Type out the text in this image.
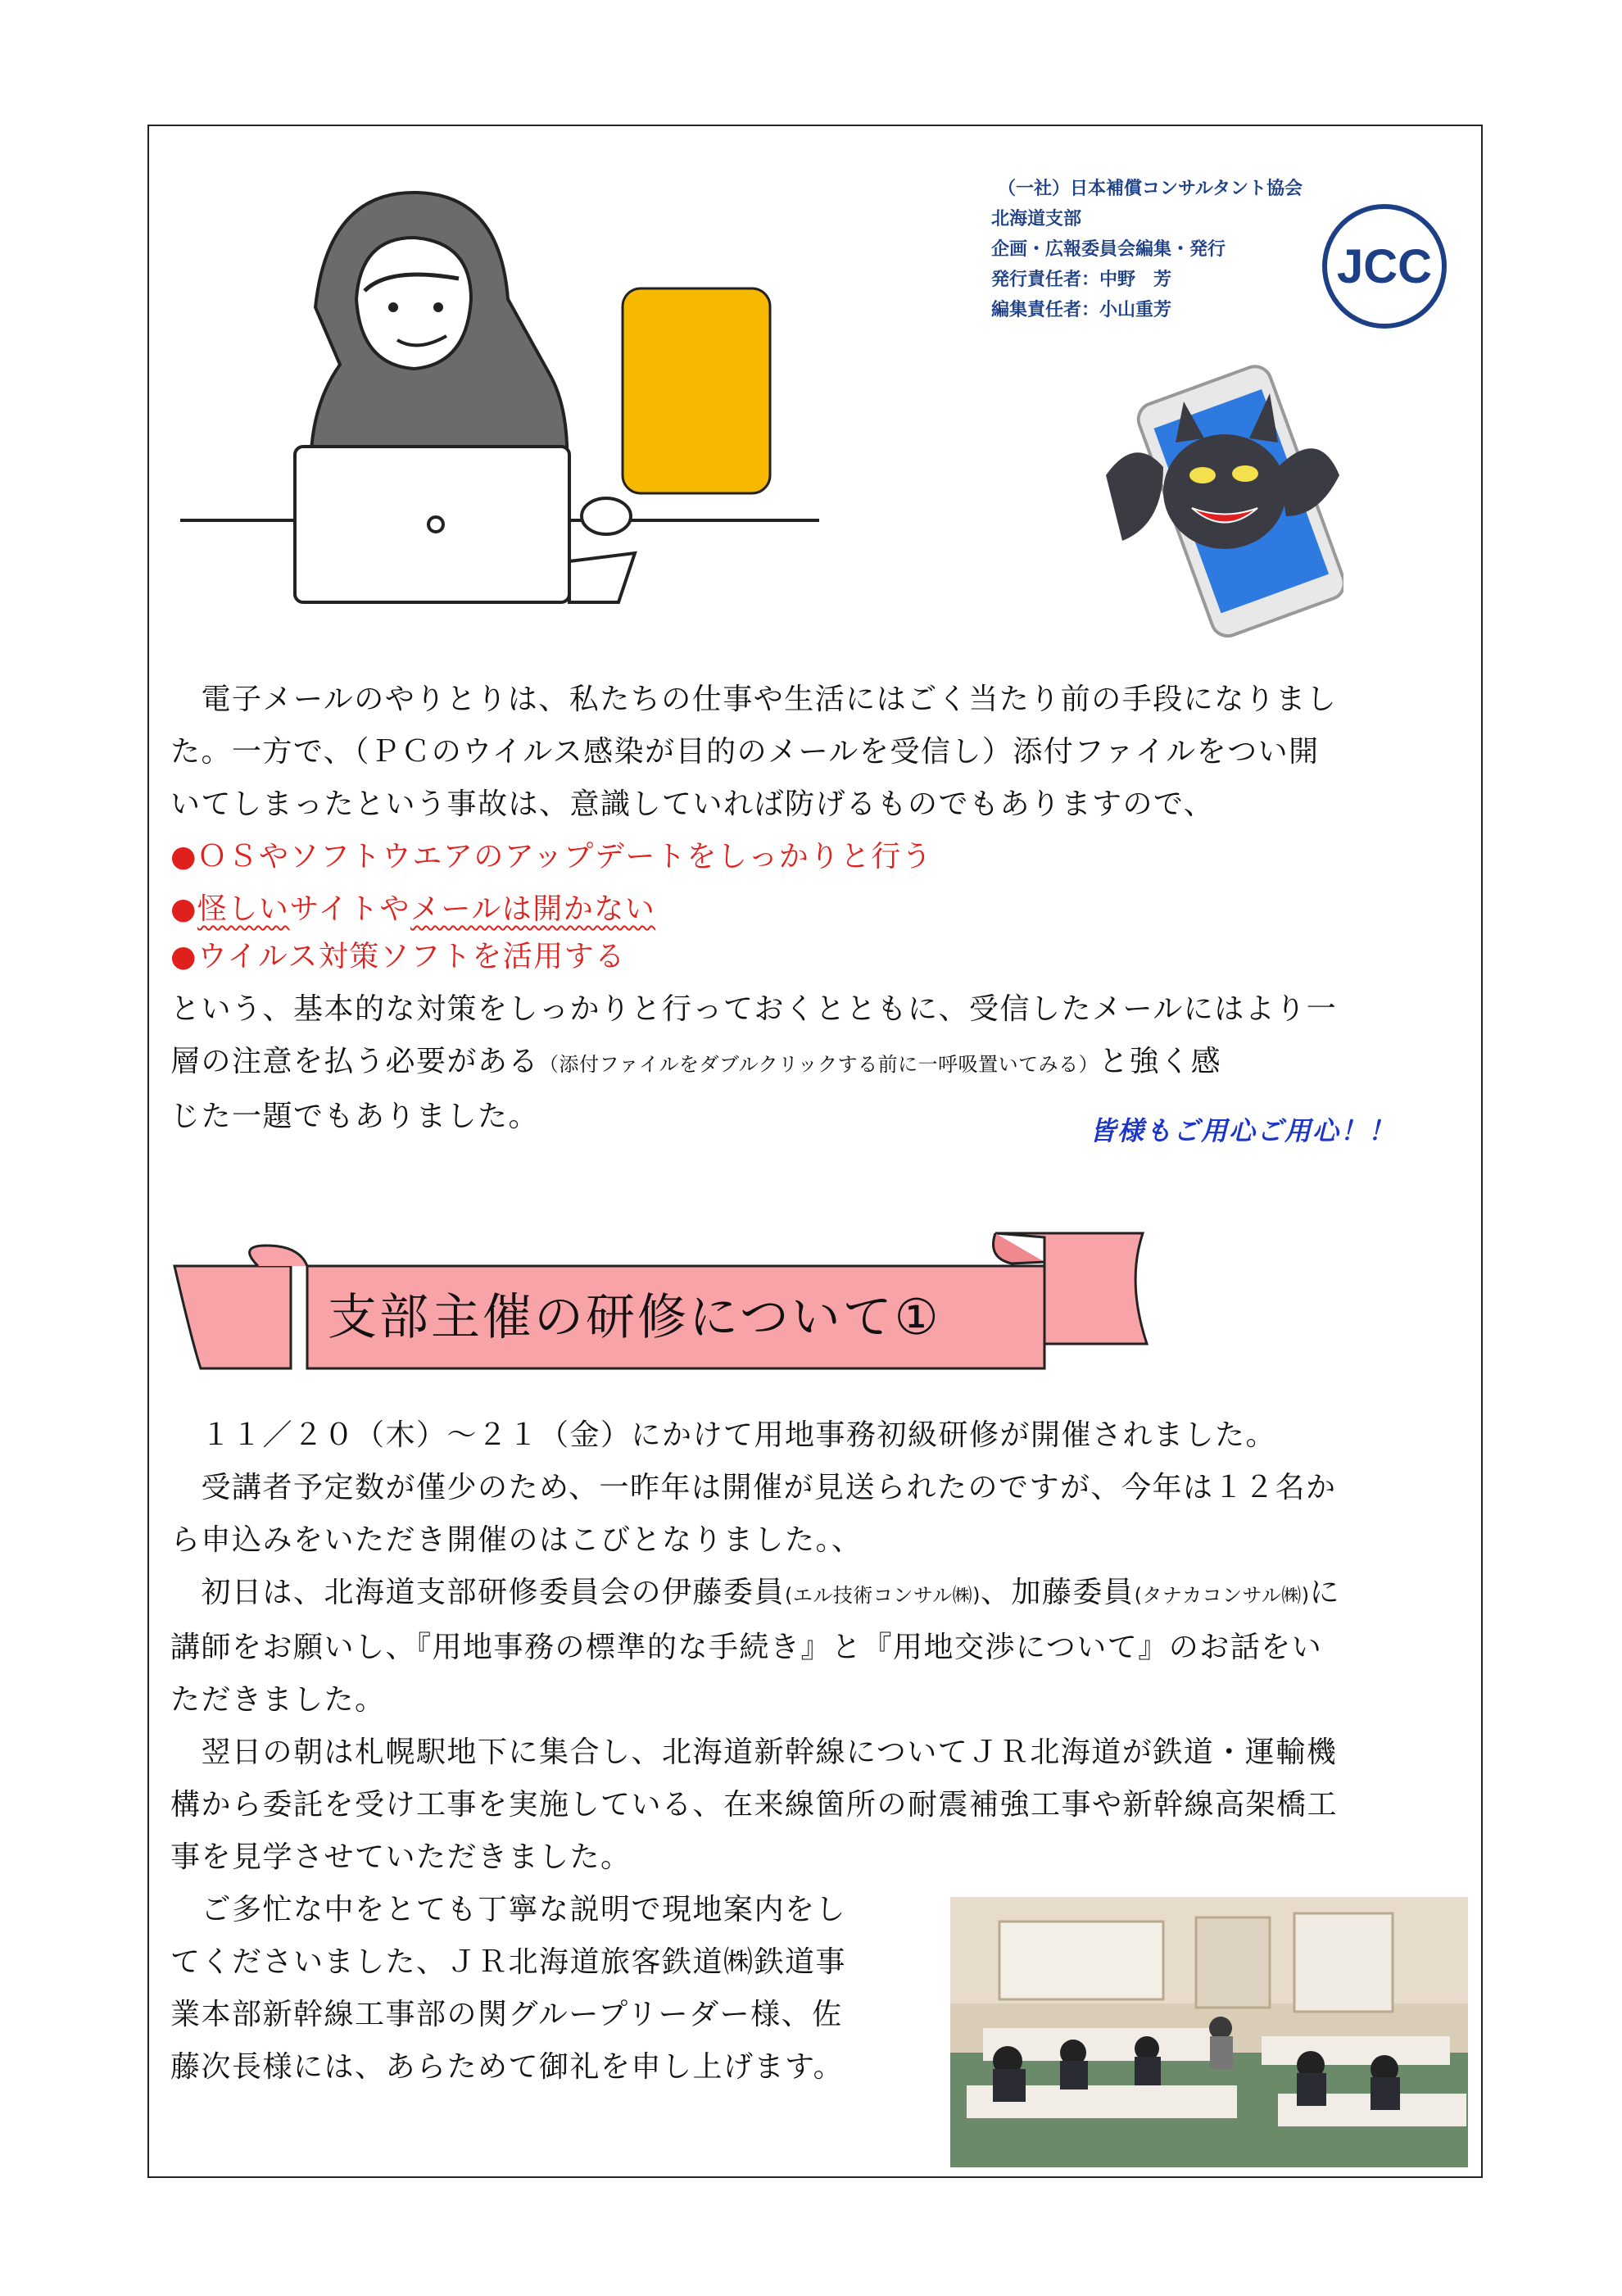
（一社）日本補償コンサルタント協会
北海道支部
企画・広報委員会編集・発行
発行責任者：中野　芳
編集責任者：小山重芳
JCC
　電子メールのやりとりは、私たちの仕事や生活にはごく当たり前の手段になりまし
た。一方で、（ＰＣのウイルス感染が目的のメールを受信し）添付ファイルをつい開
いてしまったという事故は、意識していれば防げるものでもありますので、
●ＯＳやソフトウエアのアップデートをしっかりと行う
●怪しいサイトやメールは開かない
●ウイルス対策ソフトを活用する
という、基本的な対策をしっかりと行っておくとともに、受信したメールにはより一
層の注意を払う必要がある（添付ファイルをダブルクリックする前に一呼吸置いてみる）と強く感
じた一題でもありました。	皆様もご用心ご用心！！
支部主催の研修について①
　１１／２０（木）～２１（金）にかけて用地事務初級研修が開催されました。
　受講者予定数が僅少のため、一昨年は開催が見送られたのですが、今年は１２名か
ら申込みをいただき開催のはこびとなりました。、
　初日は、北海道支部研修委員会の伊藤委員(エル技術コンサル㈱)、加藤委員(タナカコンサル㈱)に
講師をお願いし、『用地事務の標準的な手続き』と『用地交渉について』のお話をい
ただきました。
　翌日の朝は札幌駅地下に集合し、北海道新幹線についてＪＲ北海道が鉄道・運輸機
構から委託を受け工事を実施している、在来線箇所の耐震補強工事や新幹線高架橋工
事を見学させていただきました。
　ご多忙な中をとても丁寧な説明で現地案内をし
てくださいました、ＪＲ北海道旅客鉄道㈱鉄道事
業本部新幹線工事部の関グループリーダー様、佐
藤次長様には、あらためて御礼を申し上げます。
